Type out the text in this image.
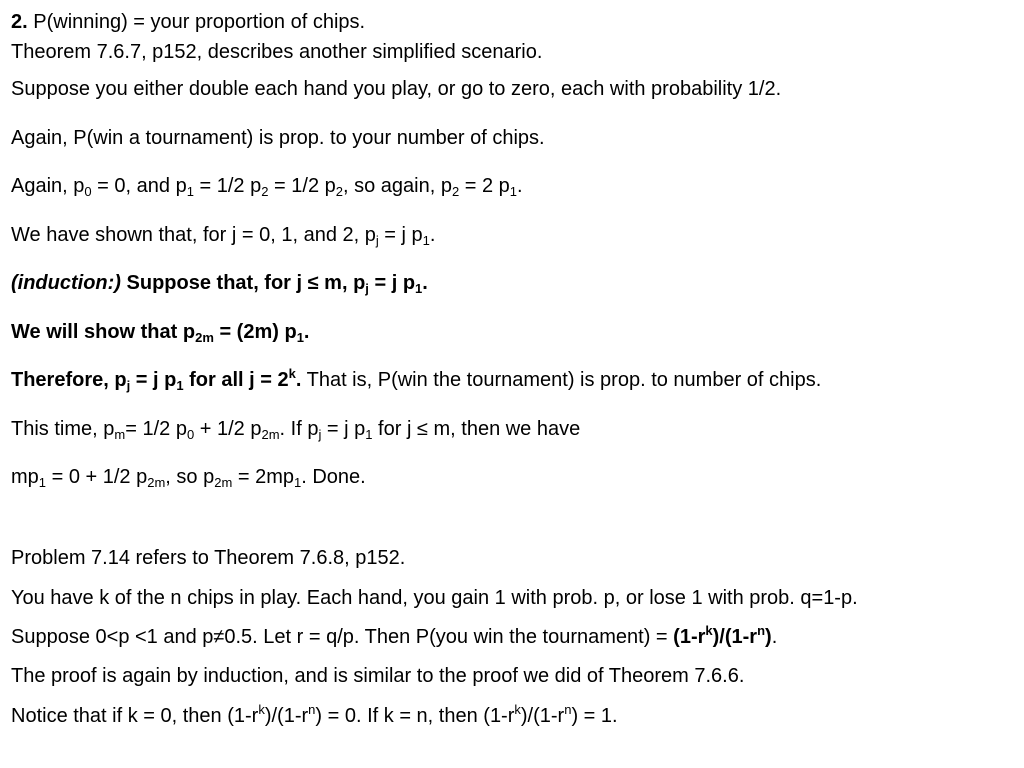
2. P(winning) = your proportion of chips.
Theorem 7.6.7, p152, describes another simplified scenario.
Suppose you either double each hand you play, or go to zero, each with probability 1/2.
Again, P(win a tournament) is prop. to your number of chips.
Again, $p_0 = 0$, and $p_1 = 1/2$ $p_2 = 1/2$ $p_2$, so again, $p_2 = 2$ $p_1$.
We have shown that, for j = 0, 1, and 2, $p_j = j$ $p_1$.
(induction:) Suppose that, for j ≤ m, $p_j = j$ $p_1$.
We will show that $p_{2m} = (2m)$ $p_1$.
Therefore, $p_j = j$ $p_1$ for all $j = 2^k$. That is, P(win the tournament) is prop. to number of chips.
This time, $p_m= 1/2$ $p_0 + 1/2$ $p_{2m}$. If $p_j = j$ $p_1$ for j ≤ m, then we have
$mp_1 = 0 + 1/2$ $p_{2m}$, so $p_{2m} = 2mp_1$. Done.
Problem 7.14 refers to Theorem 7.6.8, p152.
You have k of the n chips in play. Each hand, you gain 1 with prob. p, or lose 1 with prob. q=1-p.
Suppose 0<p <1 and p≠0.5. Let r = q/p. Then P(you win the tournament) = $(1-r^k)/(1-r^n)$.
The proof is again by induction, and is similar to the proof we did of Theorem 7.6.6.
Notice that if k = 0, then $(1-r^k)/(1-r^n) = 0$. If k = n, then $(1-r^k)/(1-r^n) = 1$.
